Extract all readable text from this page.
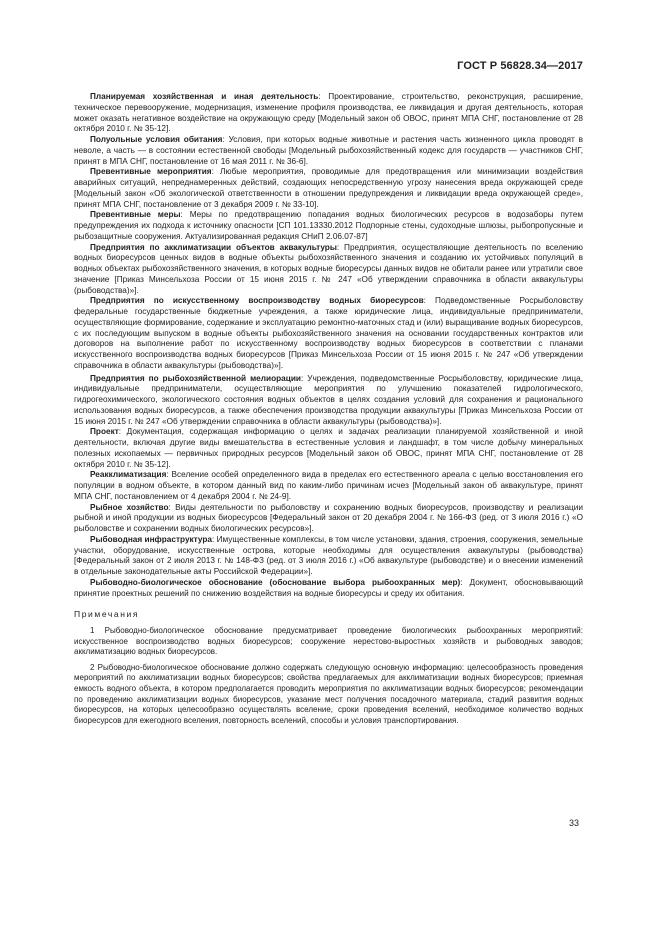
ГОСТ Р 56828.34—2017

Планируемая хозяйственная и иная деятельность: Проектирование, строительство, реконструкция, расширение, техническое перевооружение, модернизация, изменение профиля производства, ее ликвидация и другая деятельность, которая может оказать негативное воздействие на окружающую среду [Модельный закон об ОВОС, принят МПА СНГ, постановление от 28 октября 2010 г. № 35-12].

Полуольные условия обитания: Условия, при которых водные животные и растения часть жизненного цикла проводят в неволе, а часть — в состоянии естественной свободы [Модельный рыбохозяйственный кодекс для государств — участников СНГ, принят в МПА СНГ, постановление от 16 мая 2011 г. № 36-6].

Превентивные мероприятия: Любые мероприятия, проводимые для предотвращения или минимизации воздействия аварийных ситуаций, непреднамеренных действий, создающих непосредственную угрозу нанесения вреда окружающей среде [Модельный закон «Об экологической ответственности в отношении предупреждения и ликвидации вреда окружающей среде», принят МПА СНГ, постановление от 3 декабря 2009 г. № 33-10].

Превентивные меры: Меры по предотвращению попадания водных биологических ресурсов в водозаборы путем предупреждения их подхода к источнику опасности [СП 101.13330.2012 Подпорные стены, судоходные шлюзы, рыбопропускные и рыбозащитные сооружения. Актуализированная редакция СНиП 2.06.07-87]

Предприятия по акклиматизации объектов аквакультуры: Предприятия, осуществляющие деятельность по вселению водных биоресурсов ценных видов в водные объекты рыбохозяйственного значения и созданию их устойчивых популяций в водных объектах рыбохозяйственного значения, в которых водные биоресурсы данных видов не обитали ранее или утратили свое значение [Приказ Минсельхоза России от 15 июня 2015 г. № 247 «Об утверждении справочника в области аквакультуры (рыбоводства)»].

Предприятия по искусственному воспроизводству водных биоресурсов: Подведомственные Росрыболовству федеральные государственные бюджетные учреждения, а также юридические лица, индивидуальные предприниматели, осуществляющие формирование, содержание и эксплуатацию ремонтно-маточных стад и (или) выращивание водных биоресурсов, с их последующим выпуском в водные объекты рыбохозяйственного значения на основании государственных контрактов или договоров на выполнение работ по искусственному воспроизводству водных биоресурсов в соответствии с планами искусственного воспроизводства водных биоресурсов [Приказ Минсельхоза России от 15 июня 2015 г. № 247 «Об утверждении справочника в области аквакультуры (рыбоводства)»].

Предприятия по рыбохозяйственной мелиорации: Учреждения, подведомственные Росрыболовству, юридические лица, индивидуальные предприниматели, осуществляющие мероприятия по улучшению показателей гидрологического, гидрогеохимического, экологического состояния водных объектов в целях создания условий для сохранения и рационального использования водных биоресурсов, а также обеспечения производства продукции аквакультуры [Приказ Минсельхоза России от 15 июня 2015 г. № 247 «Об утверждении справочника в области аквакультуры (рыбоводства)»].

Проект: Документация, содержащая информацию о целях и задачах реализации планируемой хозяйственной и иной деятельности, включая другие виды вмешательства в естественные условия и ландшафт, в том числе добычу минеральных полезных ископаемых — первичных природных ресурсов [Модельный закон об ОВОС, принят МПА СНГ, постановление от 28 октября 2010 г. № 35-12].

Реакклиматизация: Вселение особей определенного вида в пределах его естественного ареала с целью восстановления его популяции в водном объекте, в котором данный вид по каким-либо причинам исчез [Модельный закон об аквакультуре, принят МПА СНГ, постановлением от 4 декабря 2004 г. № 24-9].

Рыбное хозяйство: Виды деятельности по рыболовству и сохранению водных биоресурсов, производству и реализации рыбной и иной продукции из водных биоресурсов [Федеральный закон от 20 декабря 2004 г. № 166-ФЗ (ред. от 3 июля 2016 г.) «О рыболовстве и сохранении водных биологических ресурсов»].

Рыбоводная инфраструктура: Имущественные комплексы, в том числе установки, здания, строения, сооружения, земельные участки, оборудование, искусственные острова, которые необходимы для осуществления аквакультуры (рыбоводства) [Федеральный закон от 2 июля 2013 г. № 148-ФЗ (ред. от 3 июля 2016 г.) «Об аквакультуре (рыбоводстве) и о внесении изменений в отдельные законодательные акты Российской Федерации»].

Рыбоводно-биологическое обоснование (обоснование выбора рыбоохранных мер): Документ, обосновывающий принятие проектных решений по снижению воздействия на водные биоресурсы и среду их обитания.

Примечания

1 Рыбоводно-биологическое обоснование предусматривает проведение биологических рыбоохранных мероприятий: искусственное воспроизводство водных биоресурсов; сооружение нерестово-выростных хозяйств и рыбоводных заводов; акклиматизацию водных биоресурсов.

2 Рыбоводно-биологическое обоснование должно содержать следующую основную информацию: целесообразность проведения мероприятий по акклиматизации водных биоресурсов; свойства предлагаемых для акклиматизации водных биоресурсов; приемная емкость водного объекта, в котором предполагается проводить мероприятия по акклиматизации водных биоресурсов; рекомендации по проведению акклиматизации водных биоресурсов, указание мест получения посадочного материала, стадий развития водных биоресурсов, на которых целесообразно осуществлять вселение, сроки проведения вселений, необходимое количество водных биоресурсов для ежегодного вселения, повторность вселений, способы и условия транспортирования.

33
